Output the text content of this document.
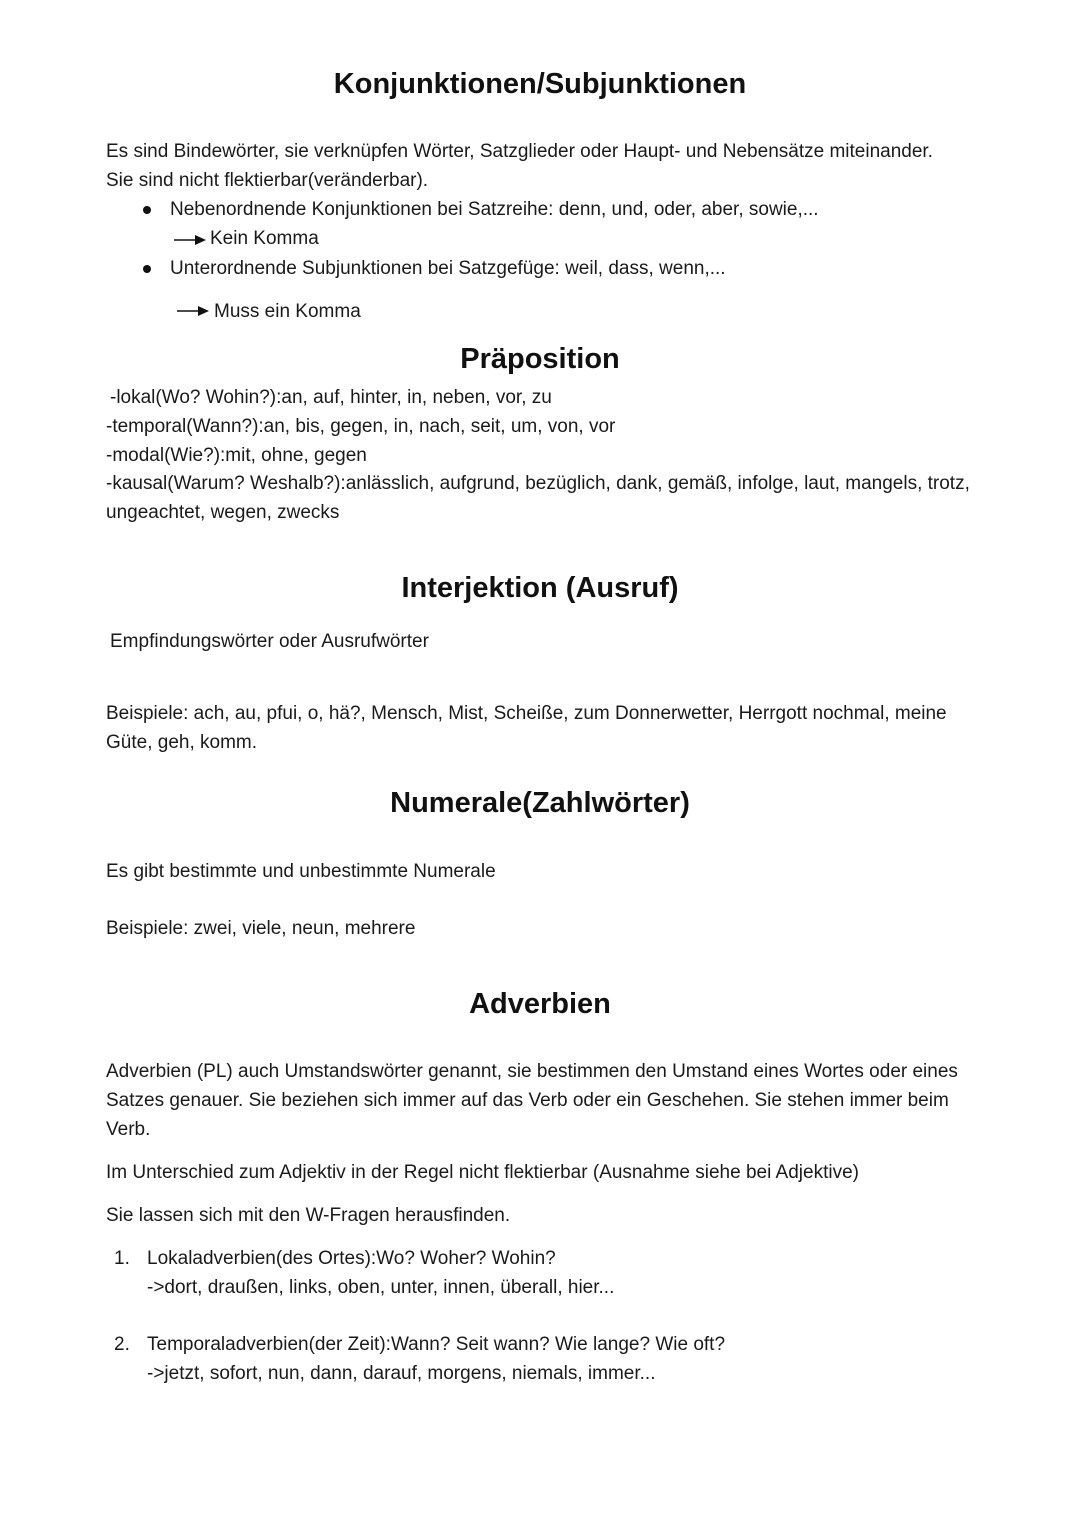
Konjunktionen/Subjunktionen

Es sind Bindewörter, sie verknüpfen Wörter, Satzglieder oder Haupt- und Nebensätze miteinander.

Sie sind nicht flektierbar(veränderbar).

Nebenordnende Konjunktionen bei Satzreihe: denn, und, oder, aber, sowie,...

Kein Komma

Unterordnende Subjunktionen bei Satzgefüge: weil, dass, wenn,...

Muss ein Komma

Präposition

-lokal(Wo? Wohin?):an, auf, hinter, in, neben, vor, zu

-temporal(Wann?):an, bis, gegen, in, nach, seit, um, von, vor

-modal(Wie?):mit, ohne, gegen

-kausal(Warum? Weshalb?):anlässlich, aufgrund, bezüglich, dank, gemäß, infolge, laut, mangels, trotz,

ungeachtet, wegen, zwecks

Interjektion (Ausruf)

Empfindungswörter oder Ausrufwörter

Beispiele: ach, au, pfui, o, hä?, Mensch, Mist, Scheiße, zum Donnerwetter, Herrgott nochmal, meine

Güte, geh, komm.

Numerale(Zahlwörter)

Es gibt bestimmte und unbestimmte Numerale

Beispiele: zwei, viele, neun, mehrere

Adverbien

Adverbien (PL) auch Umstandswörter genannt, sie bestimmen den Umstand eines Wortes oder eines

Satzes genauer. Sie beziehen sich immer auf das Verb oder ein Geschehen. Sie stehen immer beim

Verb.

Im Unterschied zum Adjektiv in der Regel nicht flektierbar (Ausnahme siehe bei Adjektive)

Sie lassen sich mit den W-Fragen herausfinden.

1. Lokaladverbien(des Ortes):Wo? Woher? Wohin?

->dort, draußen, links, oben, unter, innen, überall, hier...

2. Temporaladverbien(der Zeit):Wann? Seit wann? Wie lange? Wie oft?

->jetzt, sofort, nun, dann, darauf, morgens, niemals, immer...
